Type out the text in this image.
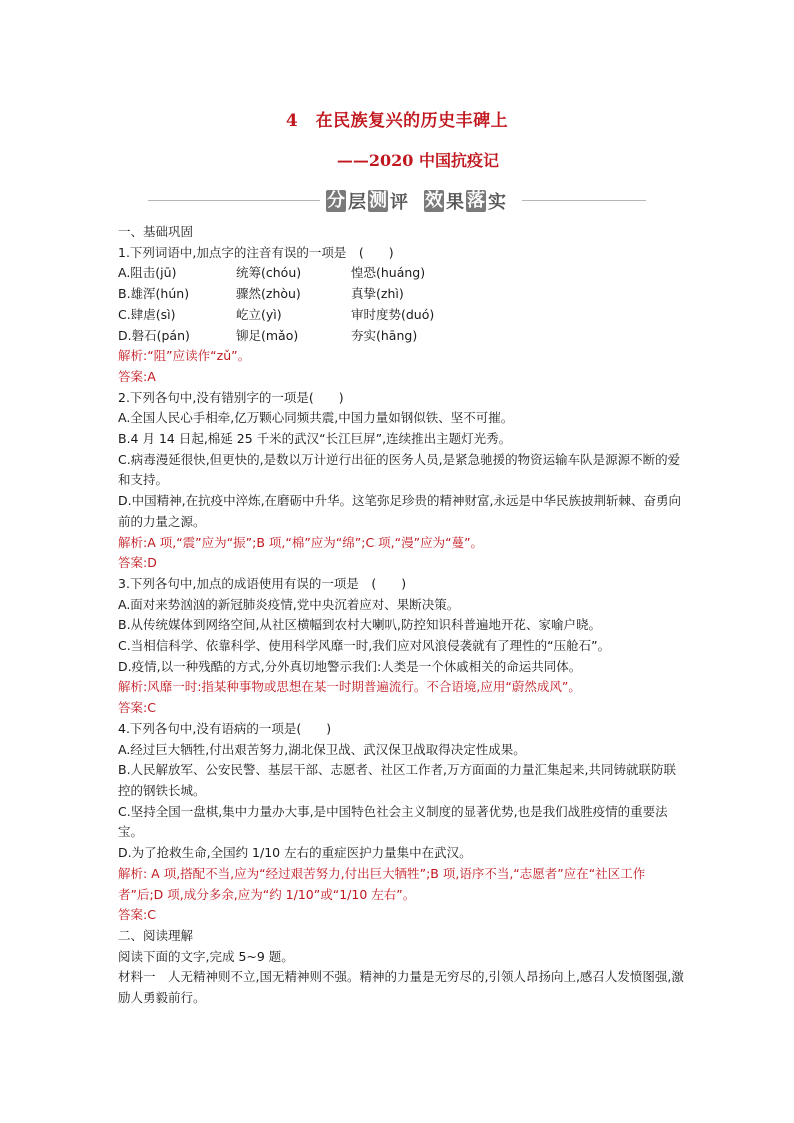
4　在民族复兴的历史丰碑上
——2020 中国抗疫记
分 层 测 评 效 果 落 实
一、基础巩固
1.下列词语中,加点字的注音有误的一项是　(　　)
A.阻击(jū)	统筹(chóu)	惶恐(huáng)
B.雄浑(hún)	骤然(zhòu)	真挚(zhì)
C.肆虐(sì)	屹立(yì)	审时度势(duó)
D.磐石(pán)	铆足(mǎo)	夯实(hāng)
解析:“阻”应读作“zǔ”。
答案:A
2.下列各句中,没有错别字的一项是(　　)
A.全国人民心手相牵,亿万颗心同频共震,中国力量如钢似铁、坚不可摧。
B.4 月 14 日起,棉延 25 千米的武汉“长江巨屏”,连续推出主题灯光秀。
C.病毒漫延很快,但更快的,是数以万计逆行出征的医务人员,是紧急驰援的物资运输车队是源源不断的爱和支持。
D.中国精神,在抗疫中淬炼,在磨砺中升华。这笔弥足珍贵的精神财富,永远是中华民族披荆斩棘、奋勇向前的力量之源。
解析:A 项,“震”应为“振”;B 项,“棉”应为“绵”;C 项,“漫”应为“蔓”。
答案:D
3.下列各句中,加点的成语使用有误的一项是　(　　)
A.面对来势汹汹的新冠肺炎疫情,党中央沉着应对、果断决策。
B.从传统媒体到网络空间,从社区横幅到农村大喇叭,防控知识科普遍地开花、家喻户晓。
C.当相信科学、依靠科学、使用科学风靡一时,我们应对风浪侵袭就有了理性的“压舱石”。
D.疫情,以一种残酷的方式,分外真切地警示我们:人类是一个休戚相关的命运共同体。
解析:风靡一时:指某种事物或思想在某一时期普遍流行。不合语境,应用“蔚然成风”。
答案:C
4.下列各句中,没有语病的一项是(　　)
A.经过巨大牺牲,付出艰苦努力,湖北保卫战、武汉保卫战取得决定性成果。
B.人民解放军、公安民警、基层干部、志愿者、社区工作者,万方面面的力量汇集起来,共同铸就联防联控的钢铁长城。
C.坚持全国一盘棋,集中力量办大事,是中国特色社会主义制度的显著优势,也是我们战胜疫情的重要法宝。
D.为了抢救生命,全国约 1/10 左右的重症医护力量集中在武汉。
解析: A 项,搭配不当,应为“经过艰苦努力,付出巨大牺牲”;B 项,语序不当,“志愿者”应在“社区工作者”后;D 项,成分多余,应为“约 1/10”或“1/10 左右”。
答案:C
二、阅读理解
阅读下面的文字,完成 5~9 题。
材料一　人无精神则不立,国无精神则不强。精神的力量是无穷尽的,引领人昂扬向上,感召人发愤图强,激励人勇毅前行。
